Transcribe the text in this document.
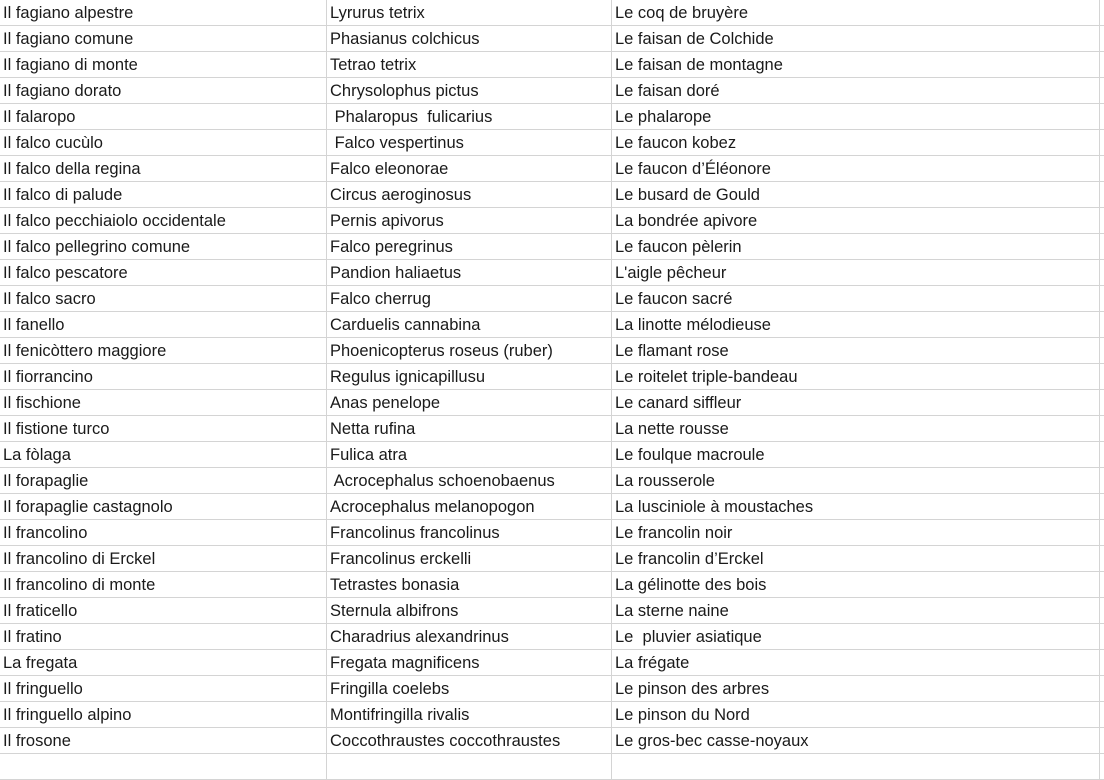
Il fagiano alpestre	Lyrurus tetrix	Le coq de bruyère
Il fagiano comune	Phasianus colchicus	Le faisan de Colchide
Il fagiano di monte	Tetrao tetrix	Le faisan de montagne
Il fagiano dorato	Chrysolophus pictus	Le faisan doré
Il falaropo	Phalaropus  fulicarius	Le phalarope
Il falco cucùlo	Falco vespertinus	Le faucon kobez
Il falco della regina	Falco eleonorae	Le faucon d’Éléonore
Il falco di palude	Circus aeroginosus	Le busard de Gould
Il falco pecchiaiolo occidentale	Pernis apivorus	La bondrée apivore
Il falco pellegrino comune	Falco peregrinus	Le faucon pèlerin
Il falco pescatore	Pandion haliaetus	L'aigle pêcheur
Il falco sacro	Falco cherrug	Le faucon sacré
Il fanello	Carduelis cannabina	La linotte mélodieuse
Il fenicòttero maggiore	Phoenicopterus roseus (ruber)	Le flamant rose
Il fiorrancino	Regulus ignicapillusu	Le roitelet triple-bandeau
Il fischione	Anas penelope	Le canard siffleur
Il fistione turco	Netta rufina	La nette rousse
La fòlaga	Fulica atra	Le foulque macroule
Il forapaglie	Acrocephalus schoenobaenus	La rousserole
Il forapaglie castagnolo	Acrocephalus melanopogon	La lusciniole à moustaches
Il francolino	Francolinus francolinus	Le francolin noir
Il francolino di Erckel	Francolinus erckelli	Le francolin d’Erckel
Il francolino di monte	Tetrastes bonasia	La gélinotte des bois
Il fraticello	Sternula albifrons	La sterne naine
Il fratino	Charadrius alexandrinus	Le  pluvier asiatique
La fregata	Fregata magnificens	La frégate
Il fringuello	Fringilla coelebs	Le pinson des arbres
Il fringuello alpino	Montifringilla rivalis	Le pinson du Nord
Il frosone	Coccothraustes coccothraustes	Le gros-bec casse-noyaux
